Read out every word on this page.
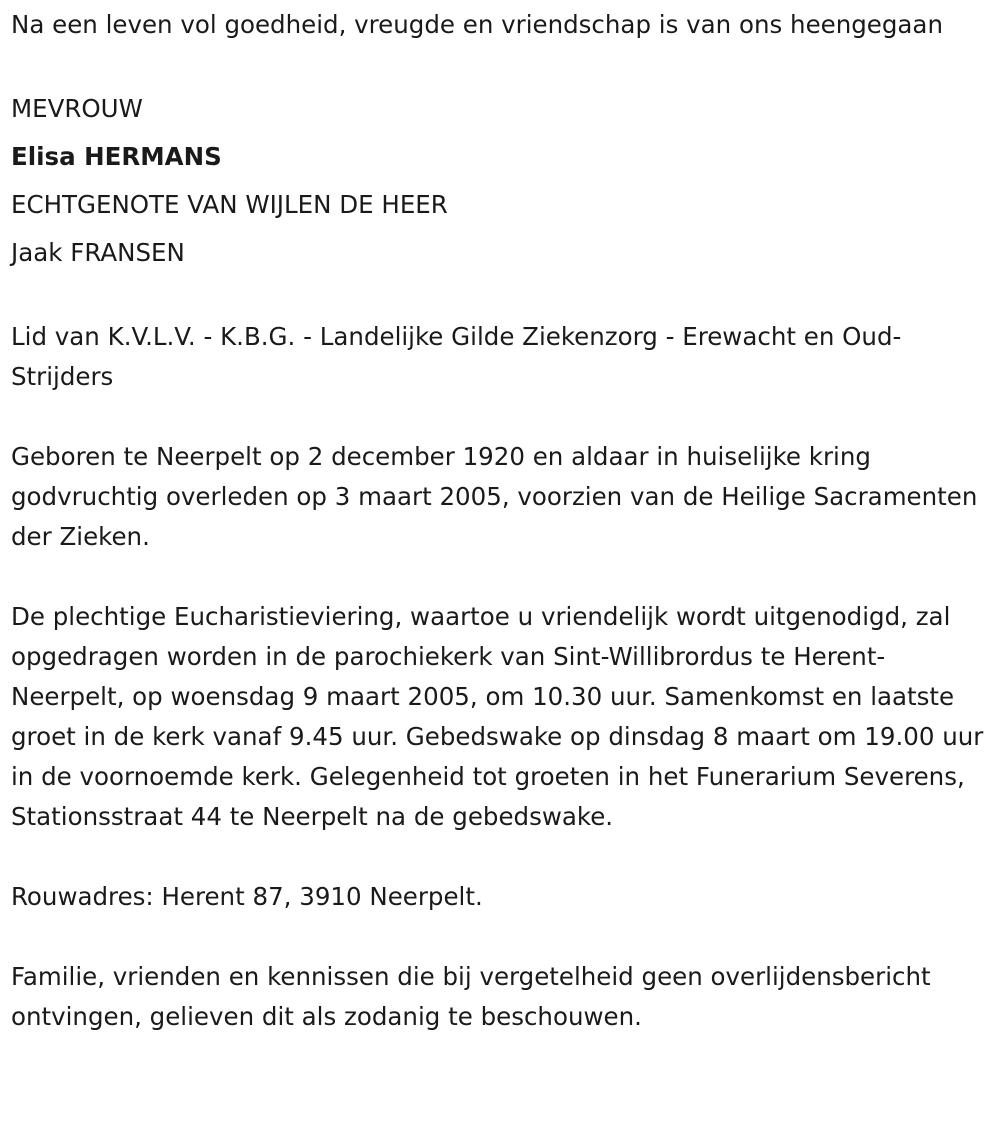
Na een leven vol goedheid, vreugde en vriendschap is van ons heengegaan

MEVROUW

Elisa HERMANS

ECHTGENOTE VAN WIJLEN DE HEER

Jaak FRANSEN

Lid van K.V.L.V. - K.B.G. - Landelijke Gilde Ziekenzorg - Erewacht en Oud-Strijders

Geboren te Neerpelt op 2 december 1920 en aldaar in huiselijke kring godvruchtig overleden op 3 maart 2005, voorzien van de Heilige Sacramenten der Zieken.

De plechtige Eucharistieviering, waartoe u vriendelijk wordt uitgenodigd, zal opgedragen worden in de parochiekerk van Sint-Willibrordus te Herent-Neerpelt, op woensdag 9 maart 2005, om 10.30 uur. Samenkomst en laatste groet in de kerk vanaf 9.45 uur. Gebedswake op dinsdag 8 maart om 19.00 uur in de voornoemde kerk. Gelegenheid tot groeten in het Funerarium Severens, Stationsstraat 44 te Neerpelt na de gebedswake.

Rouwadres: Herent 87, 3910 Neerpelt.

Familie, vrienden en kennissen die bij vergetelheid geen overlijdensbericht ontvingen, gelieven dit als zodanig te beschouwen.
